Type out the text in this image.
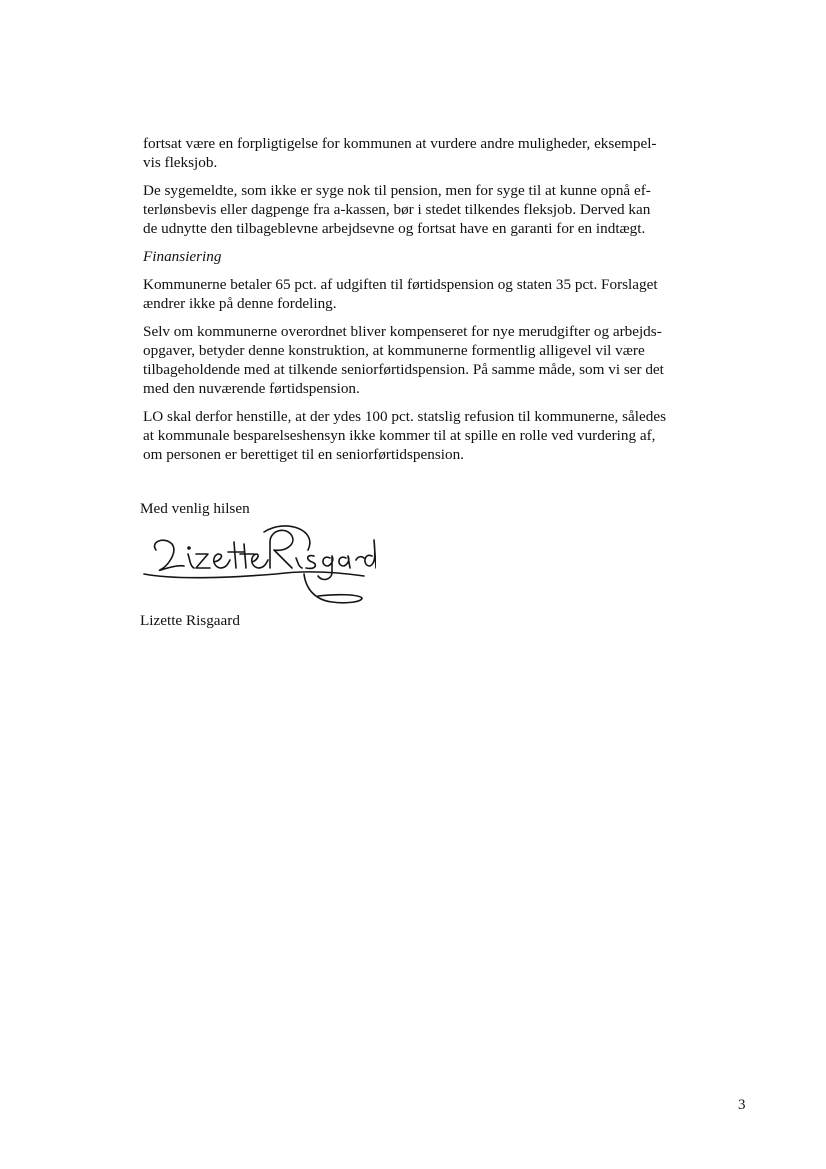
fortsat være en forpligtigelse for kommunen at vurdere andre muligheder, eksempel-
vis fleksjob.

De sygemeldte, som ikke er syge nok til pension, men for syge til at kunne opnå ef-
terlønsbevis eller dagpenge fra a-kassen, bør i stedet tilkendes fleksjob. Derved kan
de udnytte den tilbageblevne arbejdsevne og fortsat have en garanti for en indtægt.

Finansiering

Kommunerne betaler 65 pct. af udgiften til førtidspension og staten 35 pct. Forslaget
ændrer ikke på denne fordeling.

Selv om kommunerne overordnet bliver kompenseret for nye merudgifter og arbejds-
opgaver, betyder denne konstruktion, at kommunerne formentlig alligevel vil være
tilbageholdende med at tilkende seniorførtidspension. På samme måde, som vi ser det
med den nuværende førtidspension.

LO skal derfor henstille, at der ydes 100 pct. statslig refusion til kommunerne, således
at kommunale besparelseshensyn ikke kommer til at spille en rolle ved vurdering af,
om personen er berettiget til en seniorførtidspension.

Med venlig hilsen
Lizette Risgaard
3
